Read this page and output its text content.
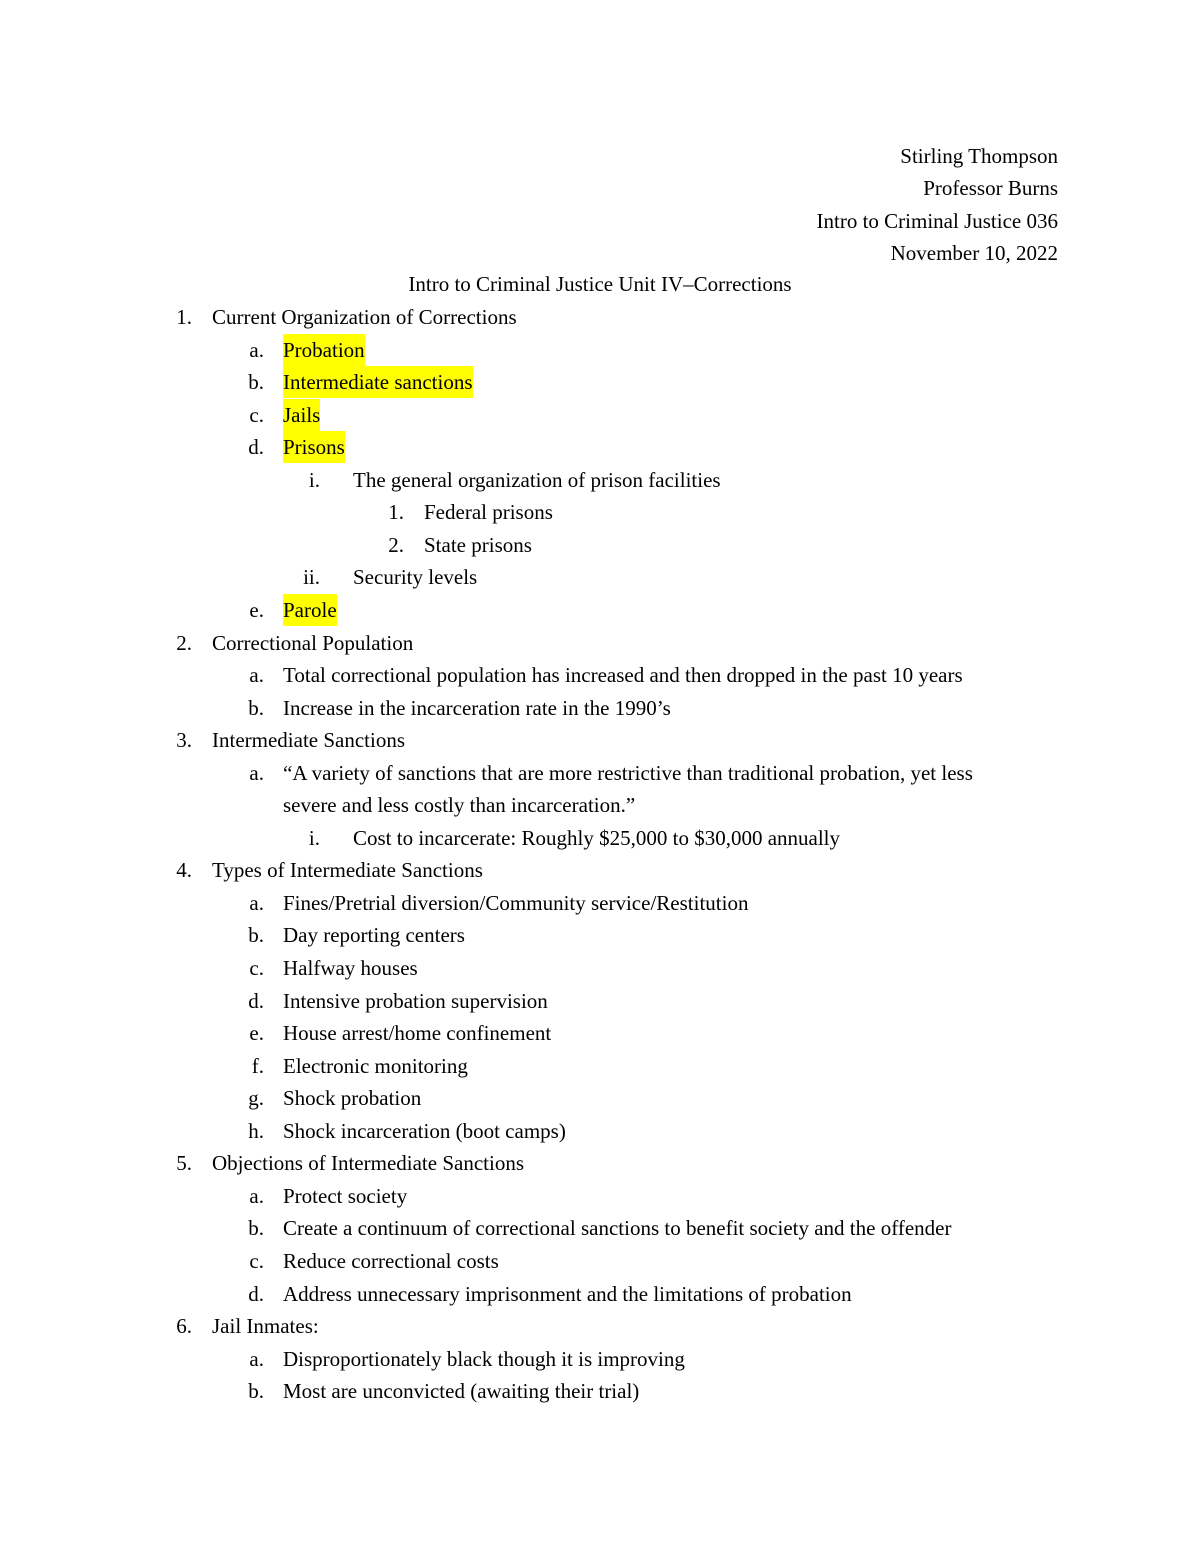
Stirling Thompson
Professor Burns
Intro to Criminal Justice 036
November 10, 2022
Intro to Criminal Justice Unit IV–Corrections
1. Current Organization of Corrections
a. Probation
b. Intermediate sanctions
c. Jails
d. Prisons
i. The general organization of prison facilities
1. Federal prisons
2. State prisons
ii. Security levels
e. Parole
2. Correctional Population
a. Total correctional population has increased and then dropped in the past 10 years
b. Increase in the incarceration rate in the 1990’s
3. Intermediate Sanctions
a. “A variety of sanctions that are more restrictive than traditional probation, yet less
severe and less costly than incarceration.”
i. Cost to incarcerate: Roughly $25,000 to $30,000 annually
4. Types of Intermediate Sanctions
a. Fines/Pretrial diversion/Community service/Restitution
b. Day reporting centers
c. Halfway houses
d. Intensive probation supervision
e. House arrest/home confinement
f. Electronic monitoring
g. Shock probation
h. Shock incarceration (boot camps)
5. Objections of Intermediate Sanctions
a. Protect society
b. Create a continuum of correctional sanctions to benefit society and the offender
c. Reduce correctional costs
d. Address unnecessary imprisonment and the limitations of probation
6. Jail Inmates:
a. Disproportionately black though it is improving
b. Most are unconvicted (awaiting their trial)
